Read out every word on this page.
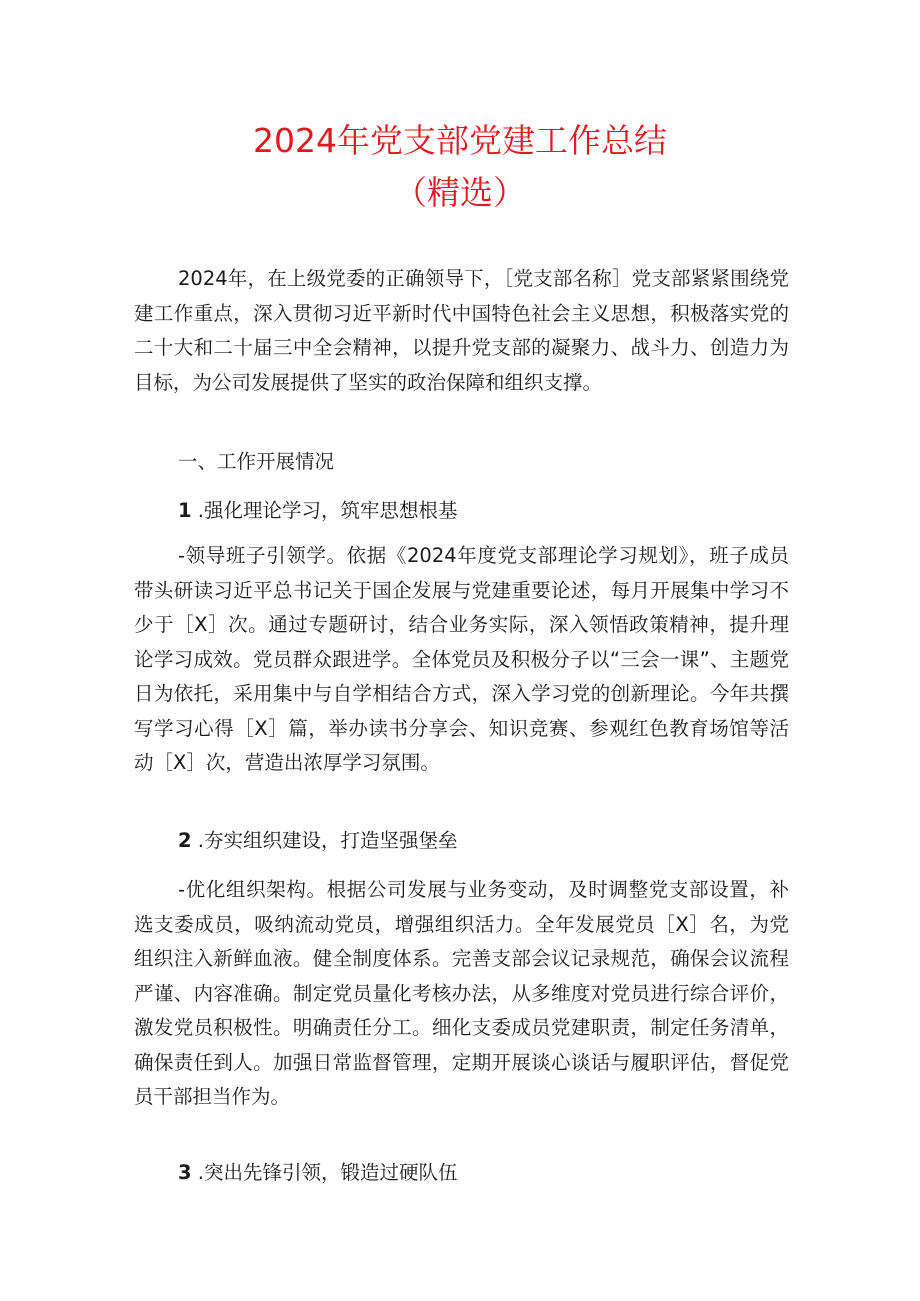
2024年党支部党建工作总结
（精选）

2024年，在上级党委的正确领导下，［党支部名称］党支部紧紧围绕党建工作重点，深入贯彻习近平新时代中国特色社会主义思想，积极落实党的二十大和二十届三中全会精神，以提升党支部的凝聚力、战斗力、创造力为目标，为公司发展提供了坚实的政治保障和组织支撑。

一、工作开展情况
1 .强化理论学习，筑牢思想根基

-领导班子引领学。依据《2024年度党支部理论学习规划》，班子成员带头研读习近平总书记关于国企发展与党建重要论述，每月开展集中学习不少于［X］次。通过专题研讨，结合业务实际，深入领悟政策精神，提升理论学习成效。党员群众跟进学。全体党员及积极分子以“三会一课”、主题党日为依托，采用集中与自学相结合方式，深入学习党的创新理论。今年共撰写学习心得［X］篇，举办读书分享会、知识竞赛、参观红色教育场馆等活动［X］次，营造出浓厚学习氛围。

2 .夯实组织建设，打造坚强堡垒

-优化组织架构。根据公司发展与业务变动，及时调整党支部设置，补选支委成员，吸纳流动党员，增强组织活力。全年发展党员［X］名，为党组织注入新鲜血液。健全制度体系。完善支部会议记录规范，确保会议流程严谨、内容准确。制定党员量化考核办法，从多维度对党员进行综合评价，激发党员积极性。明确责任分工。细化支委成员党建职责，制定任务清单，确保责任到人。加强日常监督管理，定期开展谈心谈话与履职评估，督促党员干部担当作为。

3 .突出先锋引领，锻造过硬队伍
